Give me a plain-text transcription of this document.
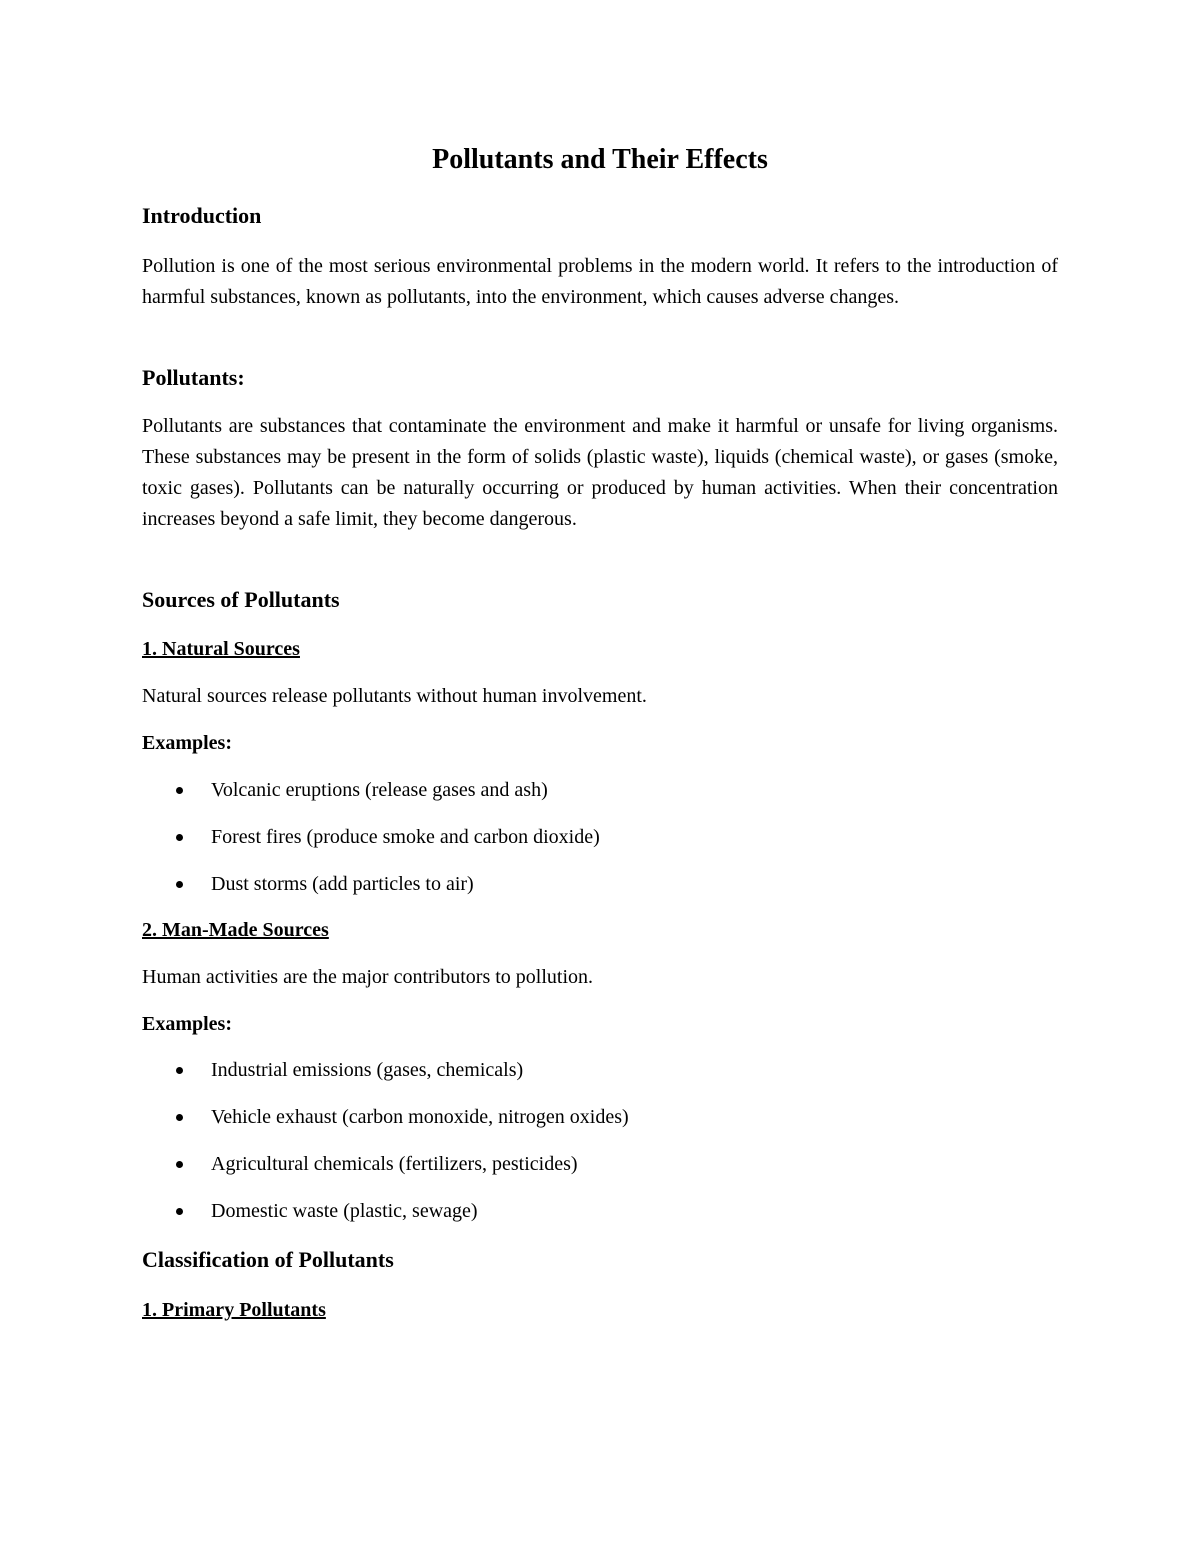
Pollutants and Their Effects
Introduction

Pollution is one of the most serious environmental problems in the modern world. It refers to the introduction of harmful substances, known as pollutants, into the environment, which causes adverse changes.

Pollutants:

Pollutants are substances that contaminate the environment and make it harmful or unsafe for living organisms. These substances may be present in the form of solids (plastic waste), liquids (chemical waste), or gases (smoke, toxic gases). Pollutants can be naturally occurring or produced by human activities. When their concentration increases beyond a safe limit, they become dangerous.

Sources of Pollutants
1. Natural Sources

Natural sources release pollutants without human involvement.

Examples:

Volcanic eruptions (release gases and ash)
Forest fires (produce smoke and carbon dioxide)
Dust storms (add particles to air)
2. Man-Made Sources

Human activities are the major contributors to pollution.

Examples:

Industrial emissions (gases, chemicals)
Vehicle exhaust (carbon monoxide, nitrogen oxides)
Agricultural chemicals (fertilizers, pesticides)
Domestic waste (plastic, sewage)
Classification of Pollutants
1. Primary Pollutants
